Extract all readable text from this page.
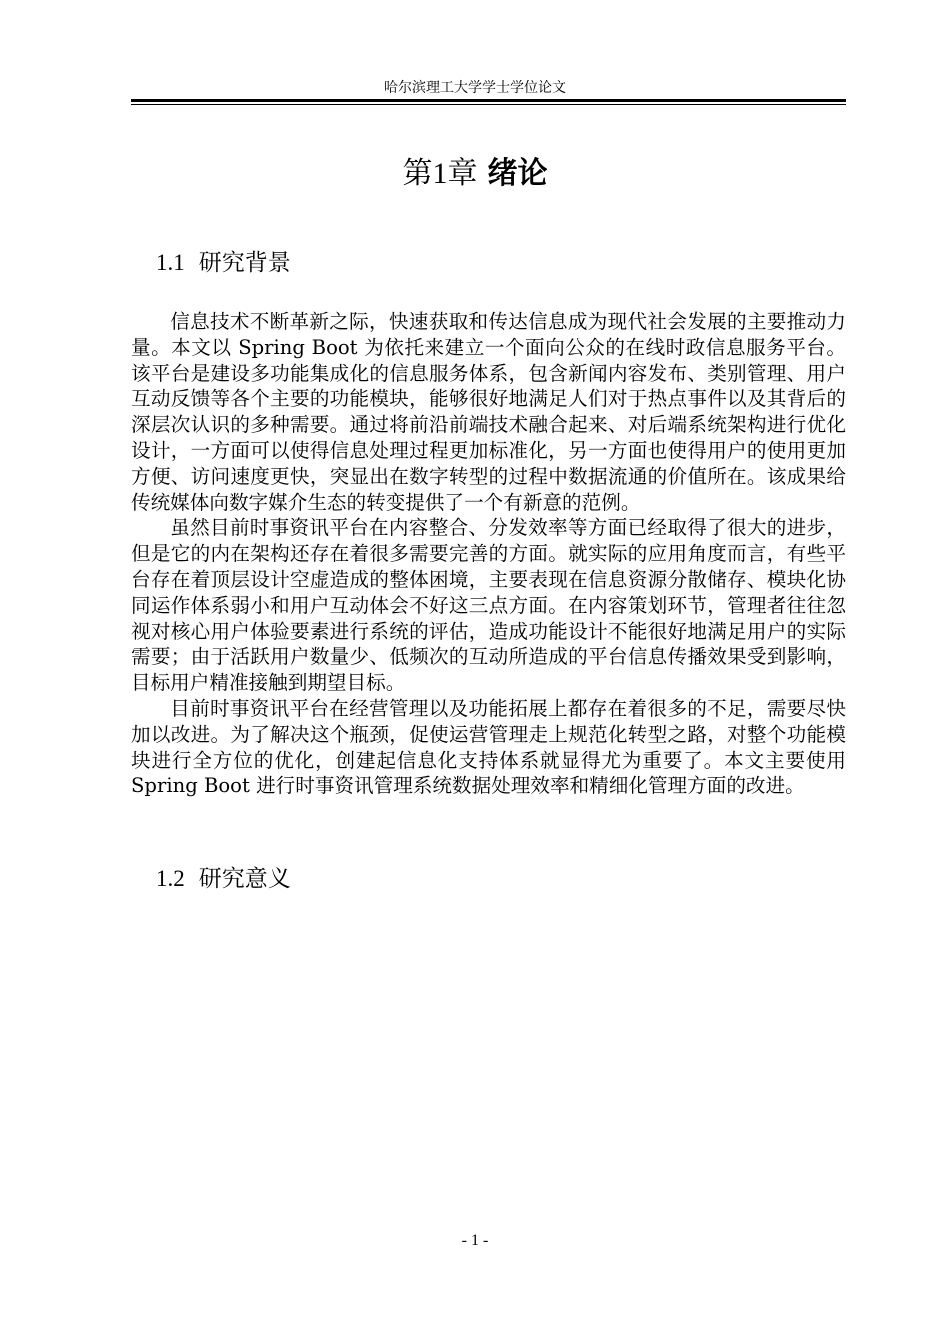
哈尔滨理工大学学士学位论文
第1章 绪论
1.1 研究背景

信息技术不断革新之际，快速获取和传达信息成为现代社会发展的主要推动力量。本文以 Spring Boot 为依托来建立一个面向公众的在线时政信息服务平台。该平台是建设多功能集成化的信息服务体系，包含新闻内容发布、类别管理、用户互动反馈等各个主要的功能模块，能够很好地满足人们对于热点事件以及其背后的深层次认识的多种需要。通过将前沿前端技术融合起来、对后端系统架构进行优化设计，一方面可以使得信息处理过程更加标准化，另一方面也使得用户的使用更加方便、访问速度更快，突显出在数字转型的过程中数据流通的价值所在。该成果给传统媒体向数字媒介生态的转变提供了一个有新意的范例。

虽然目前时事资讯平台在内容整合、分发效率等方面已经取得了很大的进步，但是它的内在架构还存在着很多需要完善的方面。就实际的应用角度而言，有些平台存在着顶层设计空虚造成的整体困境，主要表现在信息资源分散储存、模块化协同运作体系弱小和用户互动体会不好这三点方面。在内容策划环节，管理者往往忽视对核心用户体验要素进行系统的评估，造成功能设计不能很好地满足用户的实际需要；由于活跃用户数量少、低频次的互动所造成的平台信息传播效果受到影响，目标用户精准接触到期望目标。

目前时事资讯平台在经营管理以及功能拓展上都存在着很多的不足，需要尽快加以改进。为了解决这个瓶颈，促使运营管理走上规范化转型之路，对整个功能模块进行全方位的优化，创建起信息化支持体系就显得尤为重要了。本文主要使用 Spring Boot 进行时事资讯管理系统数据处理效率和精细化管理方面的改进。

1.2 研究意义
- 1 -
